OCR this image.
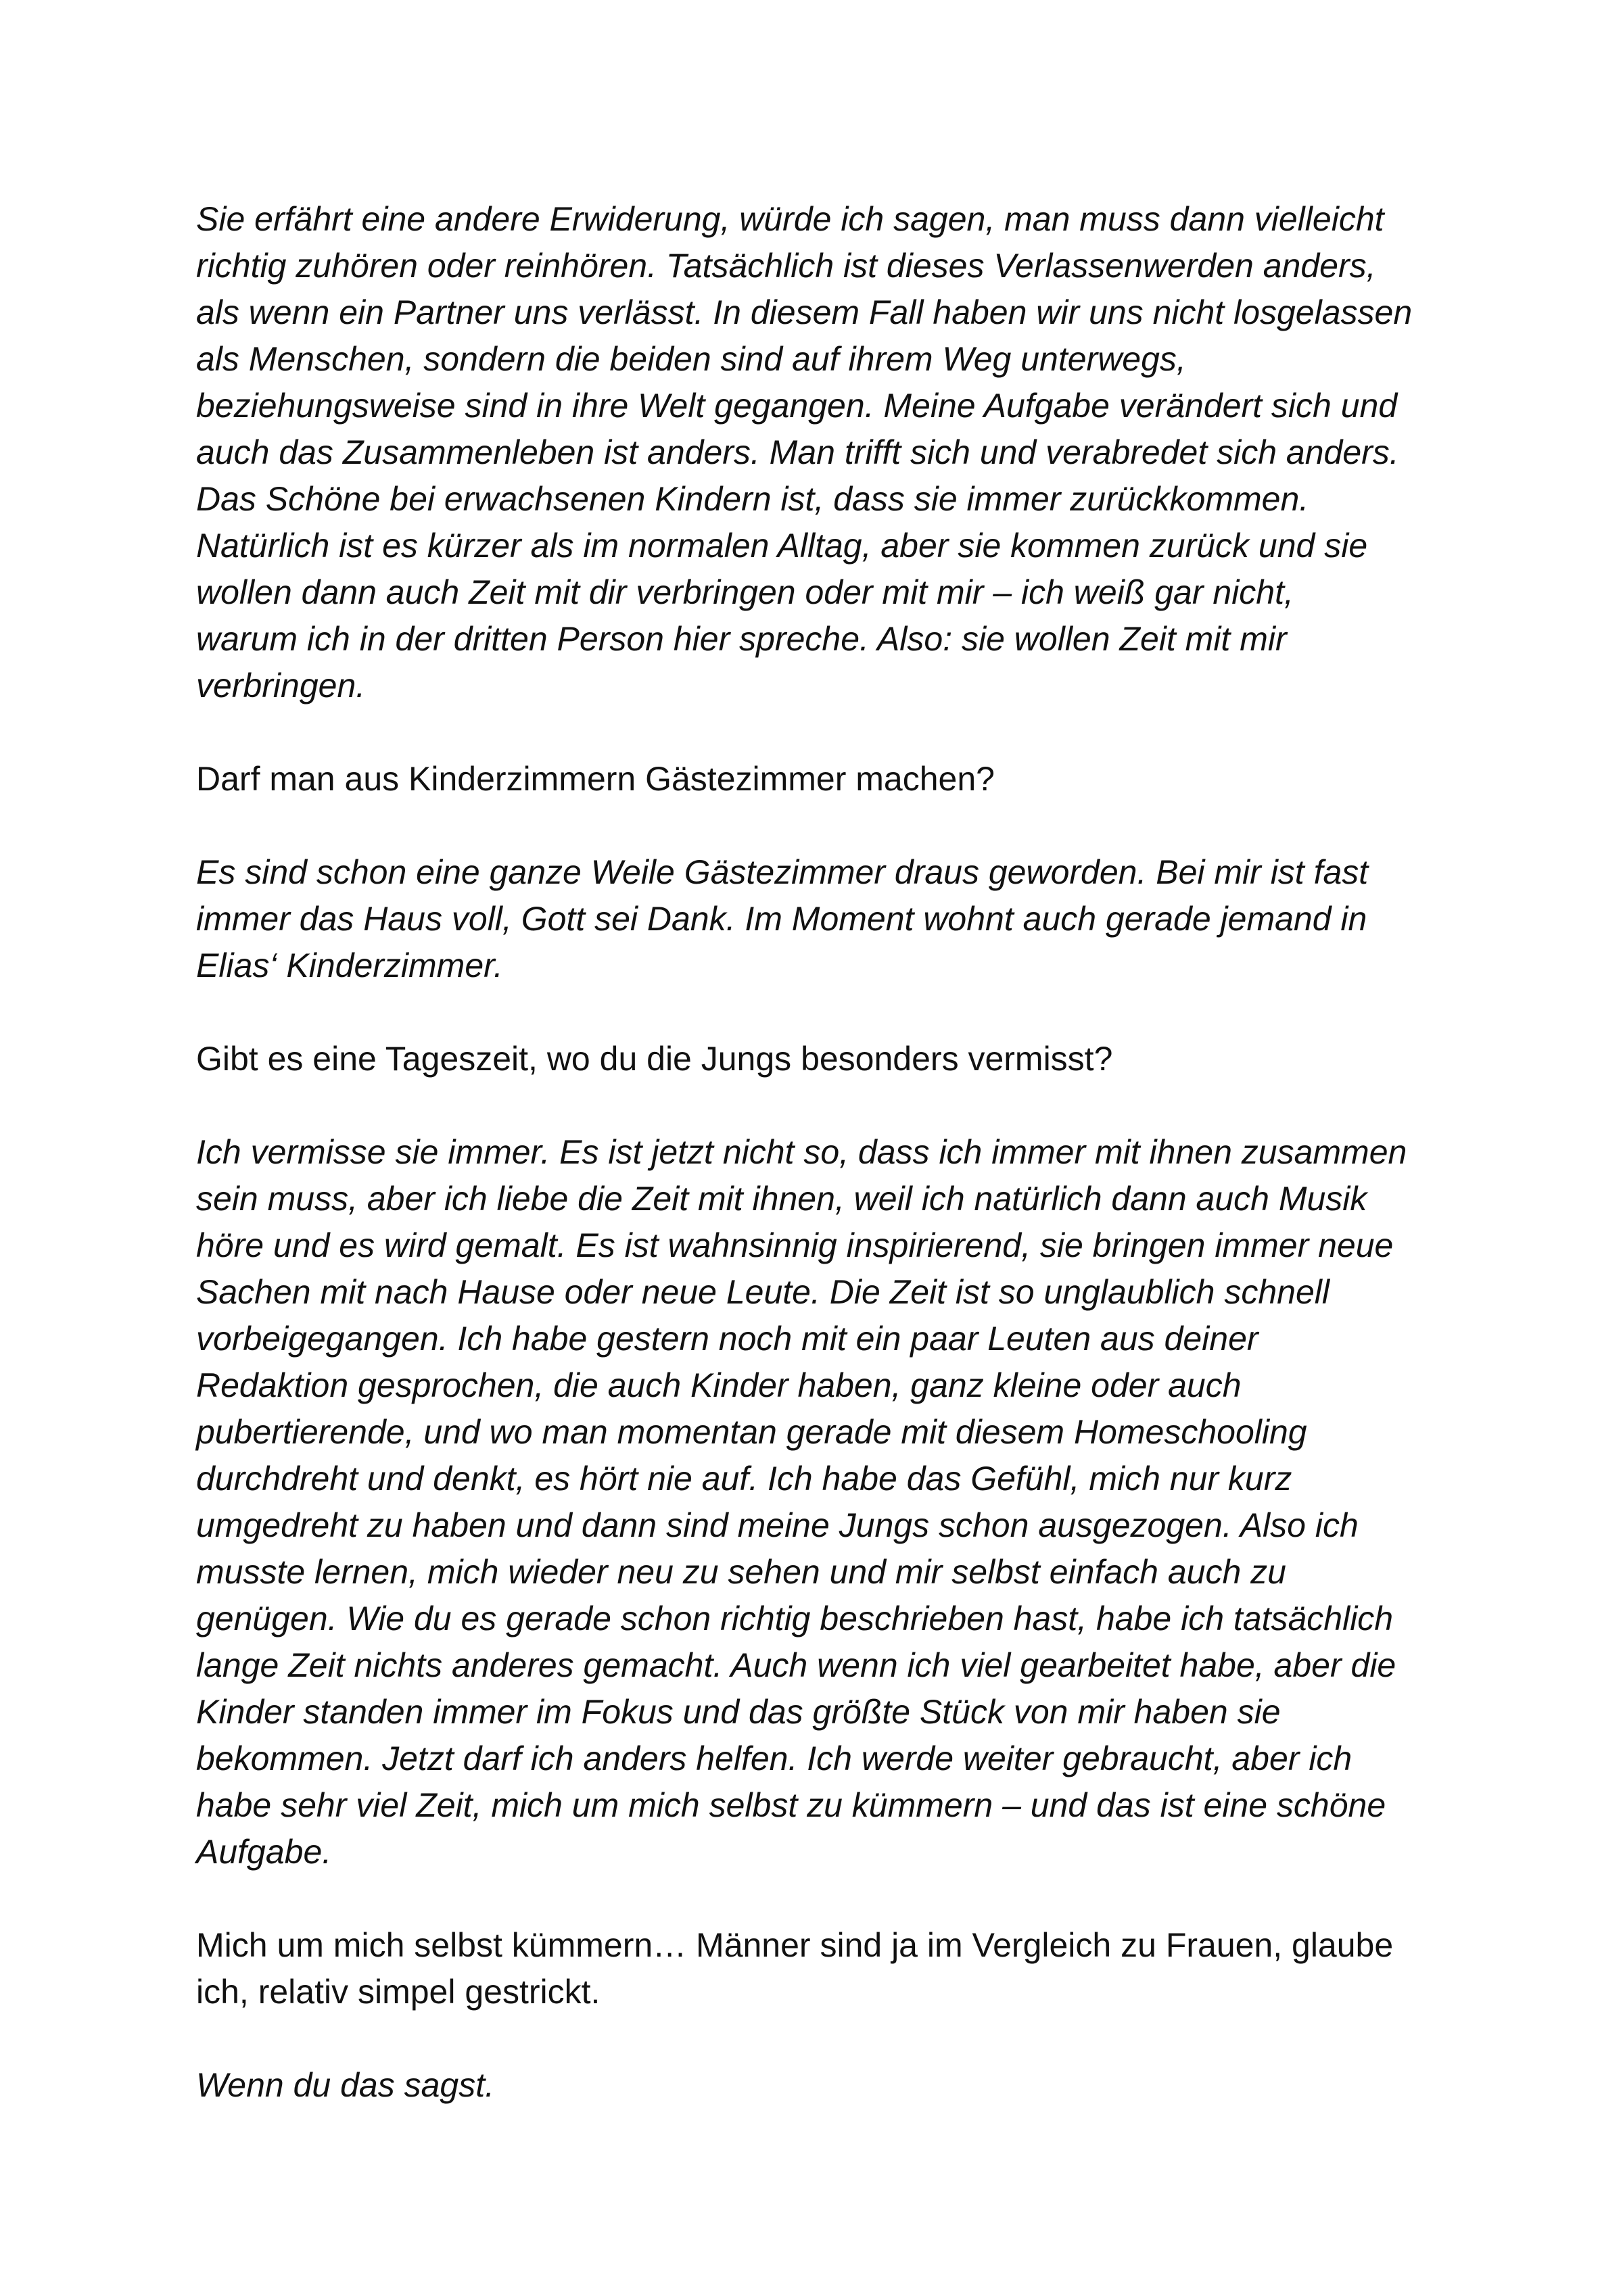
Sie erfährt eine andere Erwiderung, würde ich sagen, man muss dann vielleicht
richtig zuhören oder reinhören. Tatsächlich ist dieses Verlassenwerden anders,
als wenn ein Partner uns verlässt. In diesem Fall haben wir uns nicht losgelassen
als Menschen, sondern die beiden sind auf ihrem Weg unterwegs,
beziehungsweise sind in ihre Welt gegangen. Meine Aufgabe verändert sich und
auch das Zusammenleben ist anders. Man trifft sich und verabredet sich anders.
Das Schöne bei erwachsenen Kindern ist, dass sie immer zurückkommen.
Natürlich ist es kürzer als im normalen Alltag, aber sie kommen zurück und sie
wollen dann auch Zeit mit dir verbringen oder mit mir – ich weiß gar nicht,
warum ich in der dritten Person hier spreche. Also: sie wollen Zeit mit mir
verbringen.
Darf man aus Kinderzimmern Gästezimmer machen?
Es sind schon eine ganze Weile Gästezimmer draus geworden. Bei mir ist fast
immer das Haus voll, Gott sei Dank. Im Moment wohnt auch gerade jemand in
Elias‘ Kinderzimmer.
Gibt es eine Tageszeit, wo du die Jungs besonders vermisst?
Ich vermisse sie immer. Es ist jetzt nicht so, dass ich immer mit ihnen zusammen
sein muss, aber ich liebe die Zeit mit ihnen, weil ich natürlich dann auch Musik
höre und es wird gemalt. Es ist wahnsinnig inspirierend, sie bringen immer neue
Sachen mit nach Hause oder neue Leute. Die Zeit ist so unglaublich schnell
vorbeigegangen. Ich habe gestern noch mit ein paar Leuten aus deiner
Redaktion gesprochen, die auch Kinder haben, ganz kleine oder auch
pubertierende, und wo man momentan gerade mit diesem Homeschooling
durchdreht und denkt, es hört nie auf. Ich habe das Gefühl, mich nur kurz
umgedreht zu haben und dann sind meine Jungs schon ausgezogen. Also ich
musste lernen, mich wieder neu zu sehen und mir selbst einfach auch zu
genügen. Wie du es gerade schon richtig beschrieben hast, habe ich tatsächlich
lange Zeit nichts anderes gemacht. Auch wenn ich viel gearbeitet habe, aber die
Kinder standen immer im Fokus und das größte Stück von mir haben sie
bekommen. Jetzt darf ich anders helfen. Ich werde weiter gebraucht, aber ich
habe sehr viel Zeit, mich um mich selbst zu kümmern – und das ist eine schöne
Aufgabe.
Mich um mich selbst kümmern… Männer sind ja im Vergleich zu Frauen, glaube
ich, relativ simpel gestrickt.
Wenn du das sagst.
